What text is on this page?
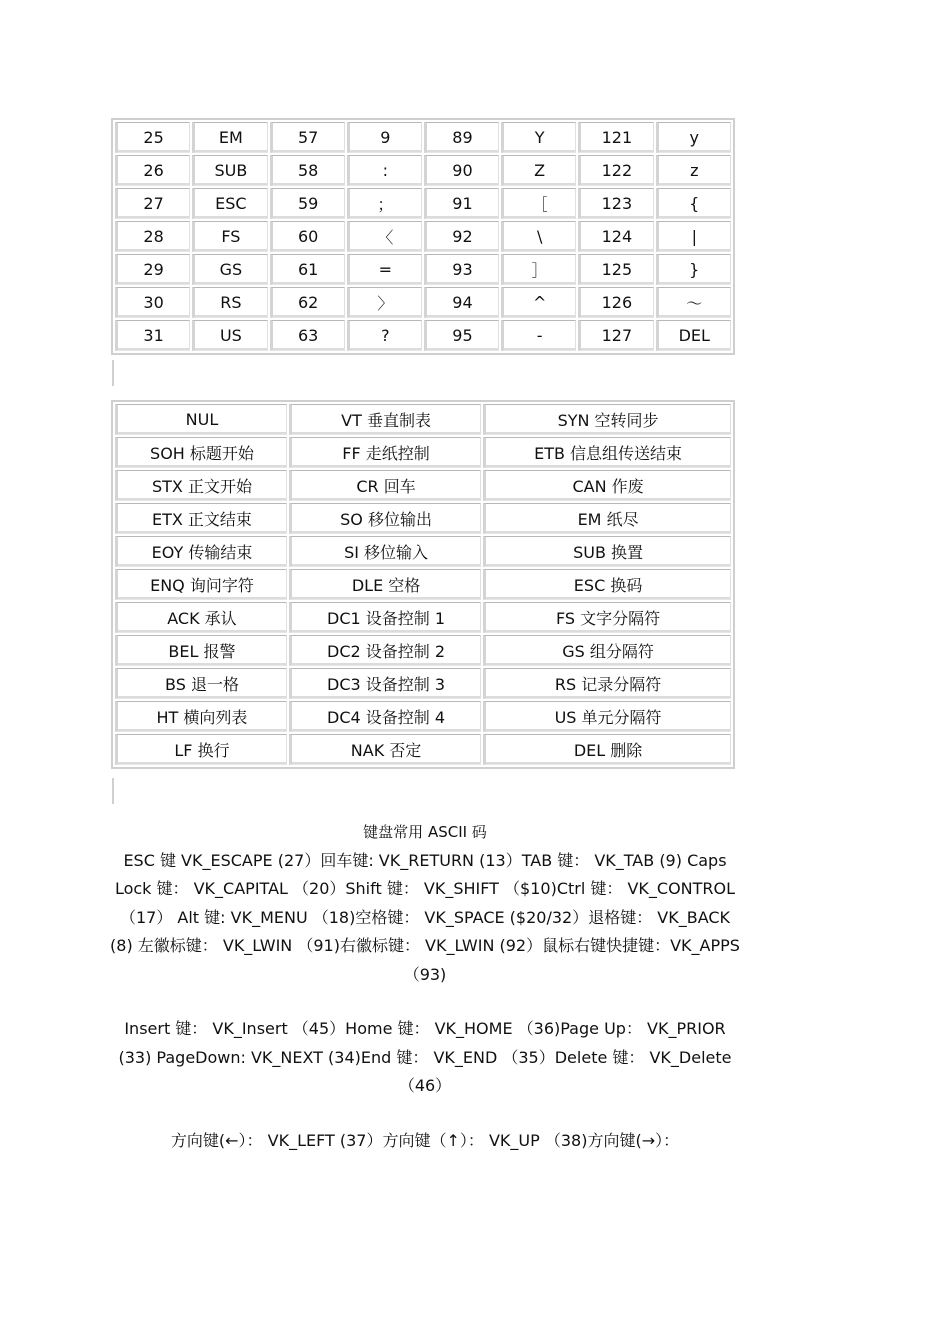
25	EM	57	9	89	Y	121	y
26	SUB	58	:	90	Z	122	z
27	ESC	59	；	91	［	123	{
28	FS	60	〈	92	\	124	|
29	GS	61	=	93	］	125	}
30	RS	62	〉	94	^	126	～
31	US	63	?	95	-	127	DEL
NUL	VT 垂直制表	SYN 空转同步
SOH 标题开始	FF 走纸控制	ETB 信息组传送结束
STX 正文开始	CR 回车	CAN 作废
ETX 正文结束	SO 移位输出	EM 纸尽
EOY 传输结束	SI 移位输入	SUB 换置
ENQ 询问字符	DLE 空格	ESC 换码
ACK 承认	DC1 设备控制 1	FS 文字分隔符
BEL 报警	DC2 设备控制 2	GS 组分隔符
BS 退一格	DC3 设备控制 3	RS 记录分隔符
HT 横向列表	DC4 设备控制 4	US 单元分隔符
LF 换行	NAK 否定	DEL 删除

键盘常用 ASCII 码

ESC 键 VK_ESCAPE (27）回车键: VK_RETURN (13）TAB 键： VK_TAB (9) Caps Lock 键： VK_CAPITAL （20）Shift 键： VK_SHIFT （$10)Ctrl 键： VK_CONTROL （17） Alt 键: VK_MENU （18)空格键： VK_SPACE ($20/32）退格键： VK_BACK (8) 左徽标键： VK_LWIN （91)右徽标键： VK_LWIN (92）鼠标右键快捷键：VK_APPS （93)

Insert 键： VK_Insert （45）Home 键： VK_HOME （36)Page Up： VK_PRIOR (33) PageDown: VK_NEXT (34)End 键： VK_END （35）Delete 键： VK_Delete （46）

方向键(←）： VK_LEFT (37）方向键（↑）： VK_UP （38)方向键(→）：
